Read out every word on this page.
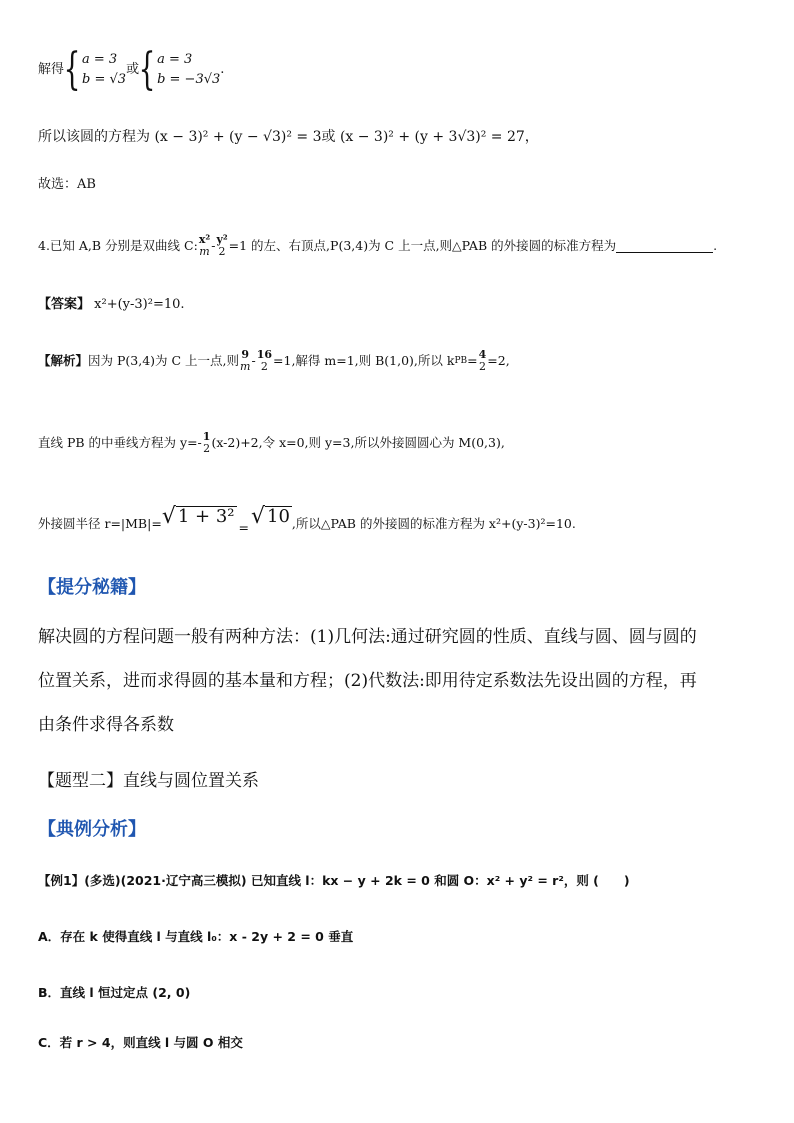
解得 { a = 3
b = √3
或 { a = 3
b = −3√3
.
所以该圆的方程为 (x − 3)² + (y − √3)² = 3或 (x − 3)² + (y + 3√3)² = 27，
故选：AB
4.已知 A,B 分别是双曲线 C: x²
m - y²
2 =1 的左、右顶点,P(3,4)为 C 上一点,则△PAB 的外接圆的标准方程为	.
【答案】 x²+(y-3)²=10.
【解析】 因为 P(3,4)为 C 上一点,则 9
m - 16
2 =1,解得 m=1,则 B(1,0),所以 k PB = 4
2 =2,
直线 PB 的中垂线方程为 y=- 1
2 (x-2)+2,令 x=0,则 y=3,所以外接圆圆心为 M(0,3),
外接圆半径 r=|MB|= √ 1 + 3²
= √ 10 ,所以△PAB 的外接圆的标准方程为 x²+(y-3)²=10.
【提分秘籍】
解决圆的方程问题一般有两种方法：(1)几何法:通过研究圆的性质、直线与圆、圆与圆的
位置关系，进而求得圆的基本量和方程；(2)代数法:即用待定系数法先设出圆的方程，再
由条件求得各系数
【题型二】直线与圆位置关系
【典例分析】
【例1】(多选)(2021·辽宁高三模拟) 已知直线 l：kx − y + 2k = 0 和圆 O：x² + y² = r²，则 (　　)
A．存在 k 使得直线 l 与直线 l₀：x - 2y + 2 = 0 垂直
B．直线 l 恒过定点 (2, 0)
C．若 r > 4，则直线 l 与圆 O 相交
